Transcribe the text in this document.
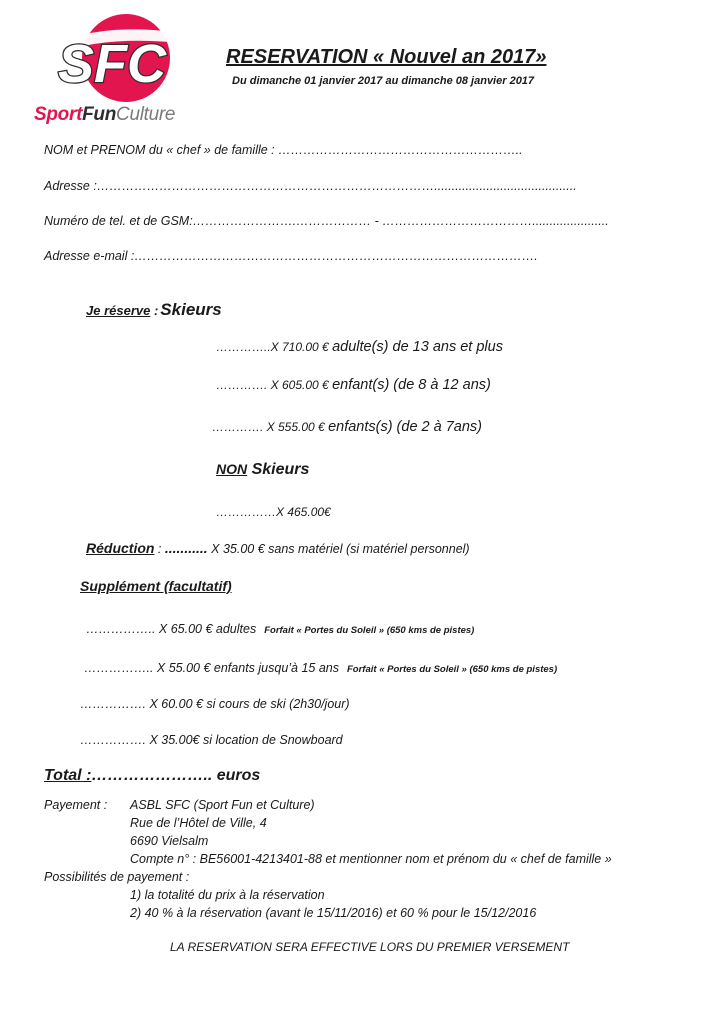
SFC
SportFunCulture
RESERVATION « Nouvel an 2017»
Du dimanche 01 janvier 2017 au dimanche 08 janvier 2017
NOM et PRENOM du « chef » de famille : …………………………………………………..
Adresse :……………………………………………………………………….........................................
Numéro de tel. et de GSM:…………………….……………… - ………………………………......................
Adresse e-mail :…………………………………………………………………………………….
Je réserve : Skieurs
…………..X 710.00 € adulte(s) de 13 ans et plus
…………. X 605.00 € enfant(s) (de 8 à 12 ans)
…………. X 555.00 € enfants(s) (de 2 à 7ans)
NON Skieurs
……………X 465.00€
Réduction : ........... X 35.00 € sans matériel (si matériel personnel)
Supplément (facultatif)
…………….. X 65.00 € adultes Forfait « Portes du Soleil » (650 kms de pistes)
…………….. X 55.00 € enfants jusqu’à 15 ans Forfait « Portes du Soleil » (650 kms de pistes)
……………. X 60.00 € si cours de ski (2h30/jour)
……………. X 35.00€ si location de Snowboard
Total :………………….. euros
Payement : ASBL SFC (Sport Fun et Culture)
Rue de l’Hôtel de Ville, 4
6690 Vielsalm
Compte n° : BE56001-4213401-88 et mentionner nom et prénom du « chef de famille »
Possibilités de payement :
1) la totalité du prix à la réservation
2) 40 % à la réservation (avant le 15/11/2016) et 60 % pour le 15/12/2016
LA RESERVATION SERA EFFECTIVE LORS DU PREMIER VERSEMENT
